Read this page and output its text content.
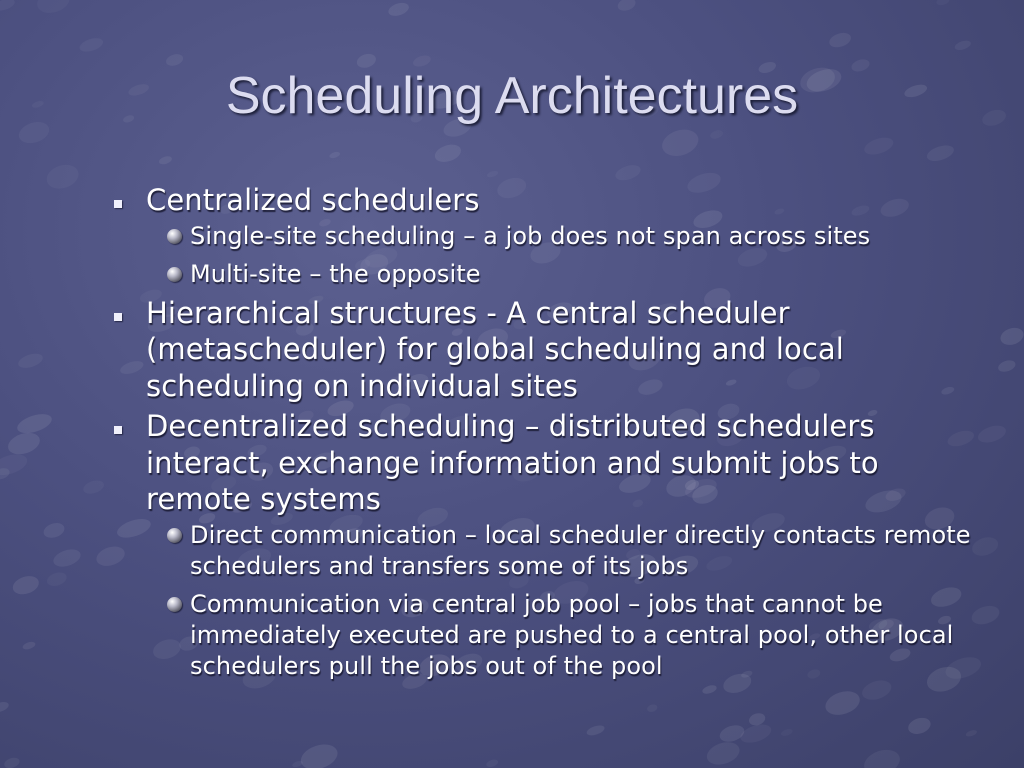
Scheduling Architectures
Centralized schedulers
Single-site scheduling – a job does not span across sites
Multi-site – the opposite
Hierarchical structures - A central scheduler (metascheduler) for global scheduling and local scheduling on individual sites
Decentralized scheduling – distributed schedulers interact, exchange information and submit jobs to remote systems
Direct communication – local scheduler directly contacts remote schedulers and transfers some of its jobs
Communication via central job pool – jobs that cannot be immediately executed are pushed to a central pool, other local schedulers pull the jobs out of the pool
